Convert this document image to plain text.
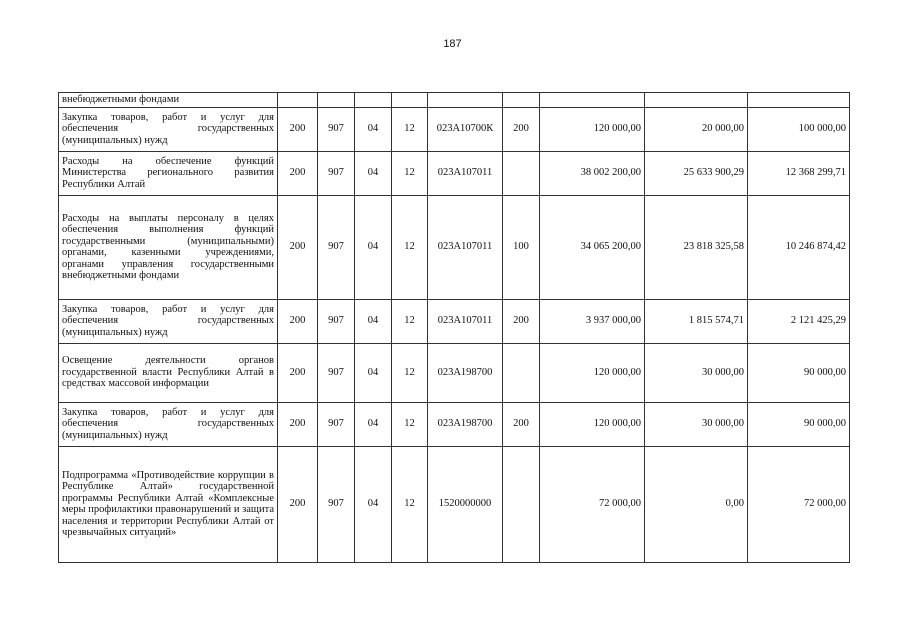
187
внебюджетными фондами									
Закупка товаров, работ и услуг для обеспечения государственных (муниципальных) нужд	200	907	04	12	023A10700К	200	120 000,00	20 000,00	100 000,00
Расходы на обеспечение функций Министерства регионального развития Республики Алтай	200	907	04	12	023A107011		38 002 200,00	25 633 900,29	12 368 299,71
Расходы на выплаты персоналу в целях обеспечения выполнения функций государственными (муниципальными) органами, казенными учреждениями, органами управления государственными внебюджетными фондами	200	907	04	12	023A107011	100	34 065 200,00	23 818 325,58	10 246 874,42
Закупка товаров, работ и услуг для обеспечения государственных (муниципальных) нужд	200	907	04	12	023A107011	200	3 937 000,00	1 815 574,71	2 121 425,29
Освещение деятельности органов государственной власти Республики Алтай в средствах массовой информации	200	907	04	12	023A198700		120 000,00	30 000,00	90 000,00
Закупка товаров, работ и услуг для обеспечения государственных (муниципальных) нужд	200	907	04	12	023A198700	200	120 000,00	30 000,00	90 000,00
Подпрограмма «Противодействие коррупции в Республике Алтай» государственной программы Республики Алтай «Комплексные меры профилактики правонарушений и защита населения и территории Республики Алтай от чрезвычайных ситуаций»	200	907	04	12	1520000000		72 000,00	0,00	72 000,00
